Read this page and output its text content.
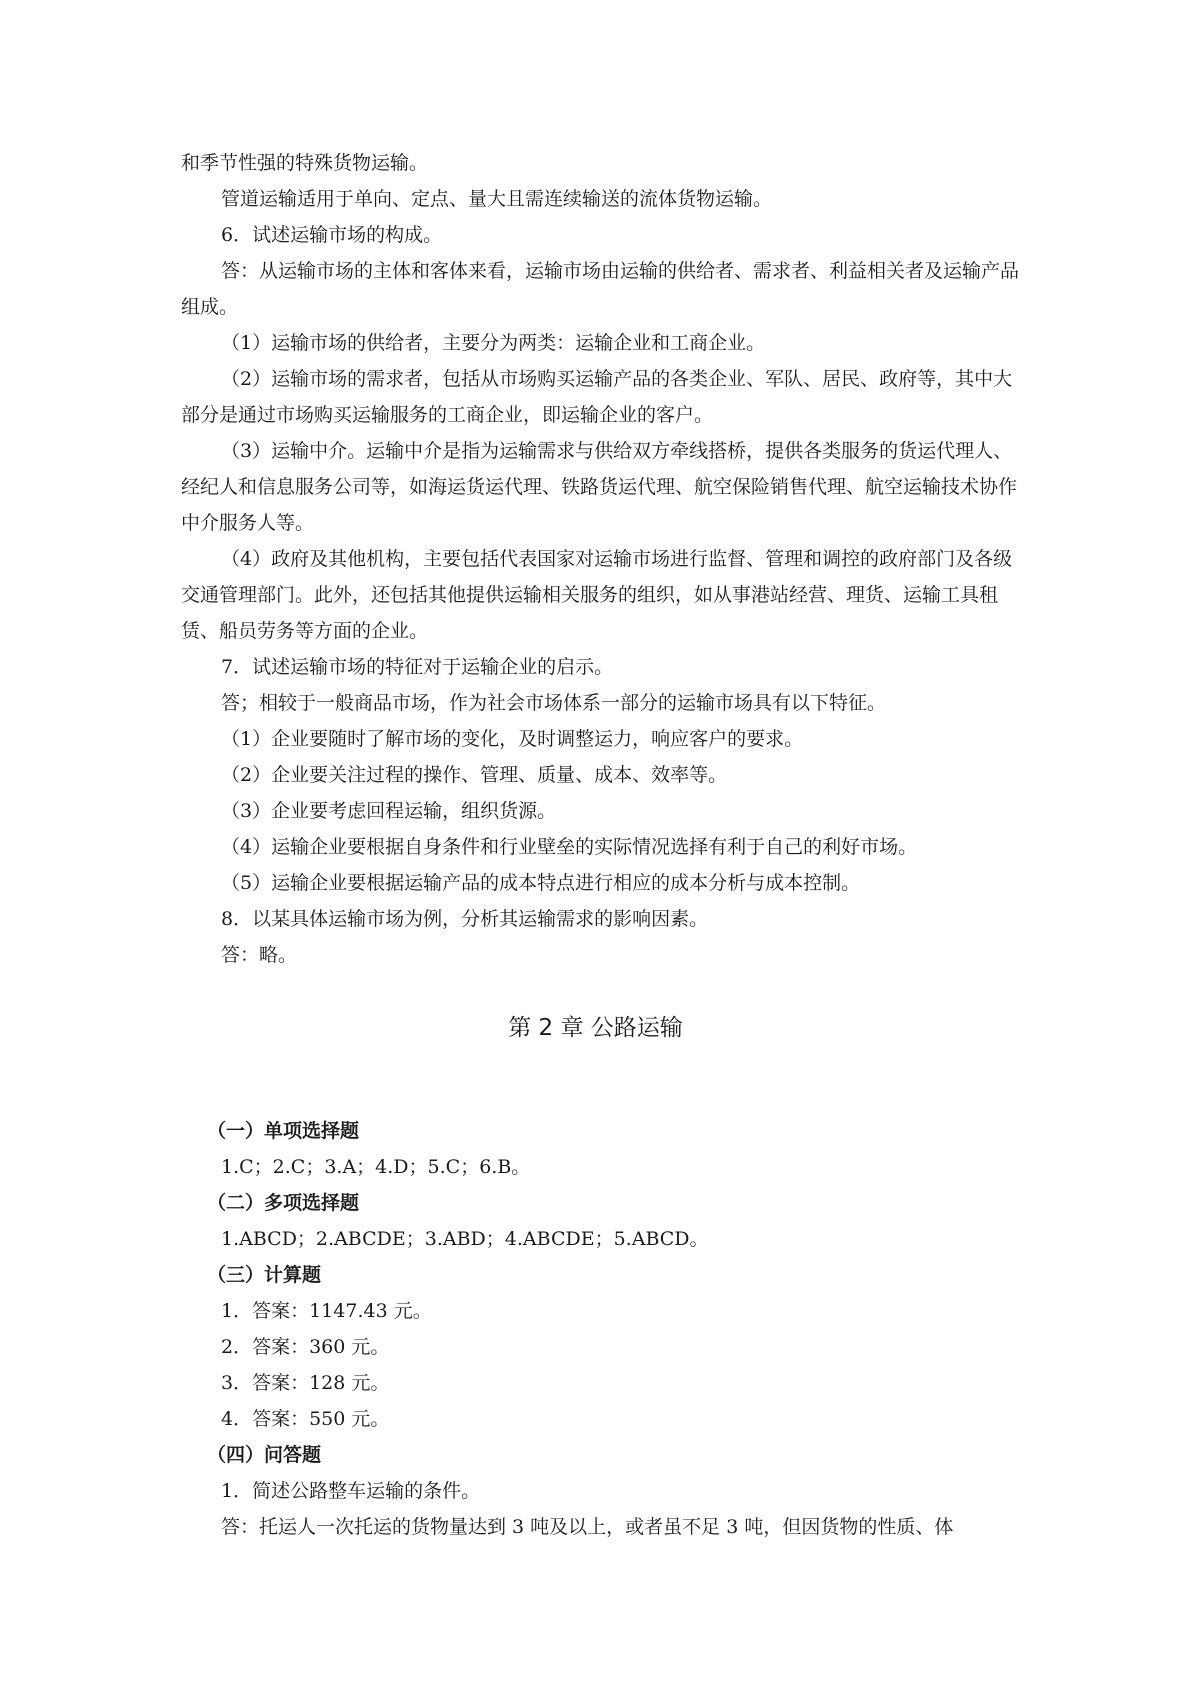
和季节性强的特殊货物运输。

管道运输适用于单向、定点、量大且需连续输送的流体货物运输。

6．试述运输市场的构成。

答：从运输市场的主体和客体来看，运输市场由运输的供给者、需求者、利益相关者及运输产品组成。

（1）运输市场的供给者，主要分为两类：运输企业和工商企业。

（2）运输市场的需求者，包括从市场购买运输产品的各类企业、军队、居民、政府等，其中大部分是通过市场购买运输服务的工商企业，即运输企业的客户。

（3）运输中介。运输中介是指为运输需求与供给双方牵线搭桥，提供各类服务的货运代理人、经纪人和信息服务公司等，如海运货运代理、铁路货运代理、航空保险销售代理、航空运输技术协作中介服务人等。

（4）政府及其他机构，主要包括代表国家对运输市场进行监督、管理和调控的政府部门及各级交通管理部门。此外，还包括其他提供运输相关服务的组织，如从事港站经营、理货、运输工具租赁、船员劳务等方面的企业。

7．试述运输市场的特征对于运输企业的启示。

答；相较于一般商品市场，作为社会市场体系一部分的运输市场具有以下特征。

（1）企业要随时了解市场的变化，及时调整运力，响应客户的要求。

（2）企业要关注过程的操作、管理、质量、成本、效率等。

（3）企业要考虑回程运输，组织货源。

（4）运输企业要根据自身条件和行业壁垒的实际情况选择有利于自己的利好市场。

（5）运输企业要根据运输产品的成本特点进行相应的成本分析与成本控制。

8．以某具体运输市场为例，分析其运输需求的影响因素。

答：略。

第 2 章 公路运输

（一）单项选择题

1.C；2.C；3.A；4.D；5.C；6.B。

（二）多项选择题

1.ABCD；2.ABCDE；3.ABD；4.ABCDE；5.ABCD。

（三）计算题

1．答案：1147.43 元。

2．答案：360 元。

3．答案：128 元。

4．答案：550 元。

（四）问答题

1．简述公路整车运输的条件。

答：托运人一次托运的货物量达到 3 吨及以上，或者虽不足 3 吨，但因货物的性质、体
